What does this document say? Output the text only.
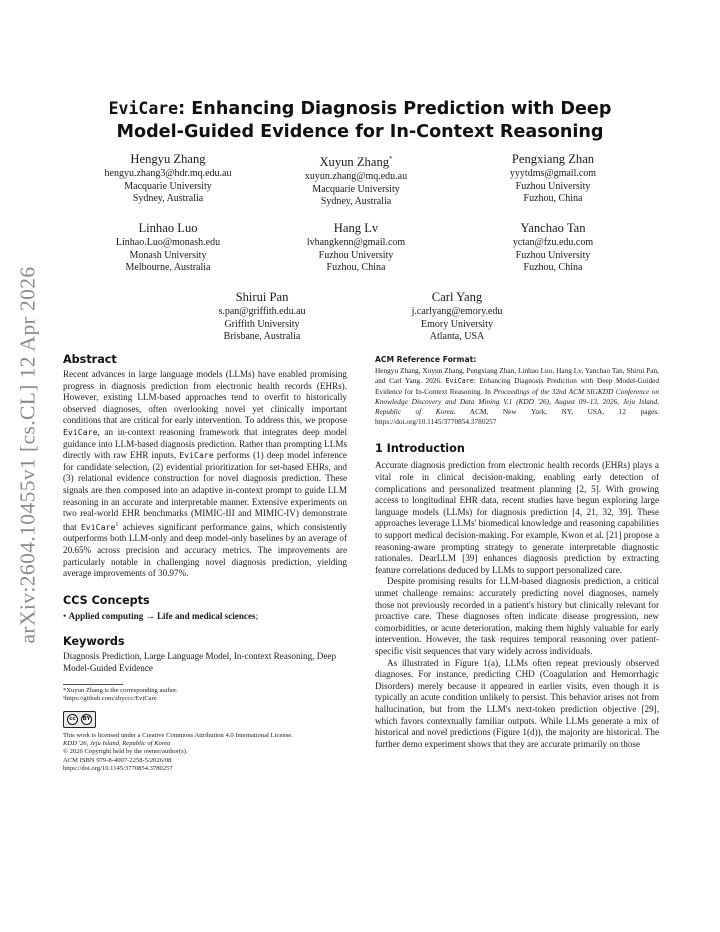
arXiv:2604.10455v1 [cs.CL] 12 Apr 2026
EviCare: Enhancing Diagnosis Prediction with Deep
Model-Guided Evidence for In-Context Reasoning
Hengyu Zhang
hengyu.zhang3@hdr.mq.edu.au
Macquarie University
Sydney, Australia
Xuyun Zhang*
xuyun.zhang@mq.edu.au
Macquarie University
Sydney, Australia
Pengxiang Zhan
yyytdms@gmail.com
Fuzhou University
Fuzhou, China
Linhao Luo
Linhao.Luo@monash.edu
Monash University
Melbourne, Australia
Hang Lv
lvhangkenn@gmail.com
Fuzhou University
Fuzhou, China
Yanchao Tan
yctan@fzu.edu.com
Fuzhou University
Fuzhou, China
Shirui Pan
s.pan@griffith.edu.au
Griffith University
Brisbane, Australia
Carl Yang
j.carlyang@emory.edu
Emory University
Atlanta, USA
Abstract

Recent advances in large language models (LLMs) have enabled promising progress in diagnosis prediction from electronic health records (EHRs). However, existing LLM-based approaches tend to overfit to historically observed diagnoses, often overlooking novel yet clinically important conditions that are critical for early intervention. To address this, we propose EviCare, an in-context reasoning framework that integrates deep model guidance into LLM-based diagnosis prediction. Rather than prompting LLMs directly with raw EHR inputs, EviCare performs (1) deep model inference for candidate selection, (2) evidential prioritization for set-based EHRs, and (3) relational evidence construction for novel diagnosis prediction. These signals are then composed into an adaptive in-context prompt to guide LLM reasoning in an accurate and interpretable manner. Extensive experiments on two real-world EHR benchmarks (MIMIC-III and MIMIC-IV) demonstrate that EviCare$^1$ achieves significant performance gains, which consistently outperforms both LLM-only and deep model-only baselines by an average of 20.65% across precision and accuracy metrics. The improvements are particularly notable in challenging novel diagnosis prediction, yielding average improvements of 30.97%.

CCS Concepts
• Applied computing → Life and medical sciences;
Keywords

Diagnosis Prediction, Large Language Model, In-context Reasoning, Deep Model-Guided Evidence

*Xuyun Zhang is the corresponding author.
¹https://github.com/zhyccc/EviCare
cc	BY
This work is licensed under a Creative Commons Attribution 4.0 International License.
KDD '26, Jeju Island, Republic of Korea
© 2026 Copyright held by the owner/author(s).
ACM ISBN 979-8-4007-2258-5/2026/08
https://doi.org/10.1145/3770854.3780257
ACM Reference Format:

Hengyu Zhang, Xuyun Zhang, Pengxiang Zhan, Linhao Luo, Hang Lv, Yanchao Tan, Shirui Pan, and Carl Yang. 2026. EviCare: Enhancing Diagnosis Prediction with Deep Model-Guided Evidence for In-Context Reasoning. In Proceedings of the 32nd ACM SIGKDD Conference on Knowledge Discovery and Data Mining V.1 (KDD '26), August 09–13, 2026, Jeju Island, Republic of Korea. ACM, New York, NY, USA, 12 pages. https://doi.org/10.1145/3770854.3780257

1 Introduction

Accurate diagnosis prediction from electronic health records (EHRs) plays a vital role in clinical decision-making, enabling early detection of complications and personalized treatment planning [2, 5]. With growing access to longitudinal EHR data, recent studies have begun exploring large language models (LLMs) for diagnosis prediction [4, 21, 32, 39]. These approaches leverage LLMs' biomedical knowledge and reasoning capabilities to support medical decision-making. For example, Kwon et al. [21] propose a reasoning-aware prompting strategy to generate interpretable diagnostic rationales. DearLLM [39] enhances diagnosis prediction by extracting feature correlations deduced by LLMs to support personalized care.

Despite promising results for LLM-based diagnosis prediction, a critical unmet challenge remains: accurately predicting novel diagnoses, namely those not previously recorded in a patient's history but clinically relevant for proactive care. These diagnoses often indicate disease progression, new comorbidities, or acute deterioration, making them highly valuable for early intervention. However, the task requires temporal reasoning over patient-specific visit sequences that vary widely across individuals.

As illustrated in Figure 1(a), LLMs often repeat previously observed diagnoses. For instance, predicting CHD (Coagulation and Hemorrhagic Disorders) merely because it appeared in earlier visits, even though it is typically an acute condition unlikely to persist. This behavior arises not from hallucination, but from the LLM's next-token prediction objective [29], which favors contextually familiar outputs. While LLMs generate a mix of historical and novel predictions (Figure 1(d)), the majority are historical. The further demo experiment shows that they are accurate primarily on those
